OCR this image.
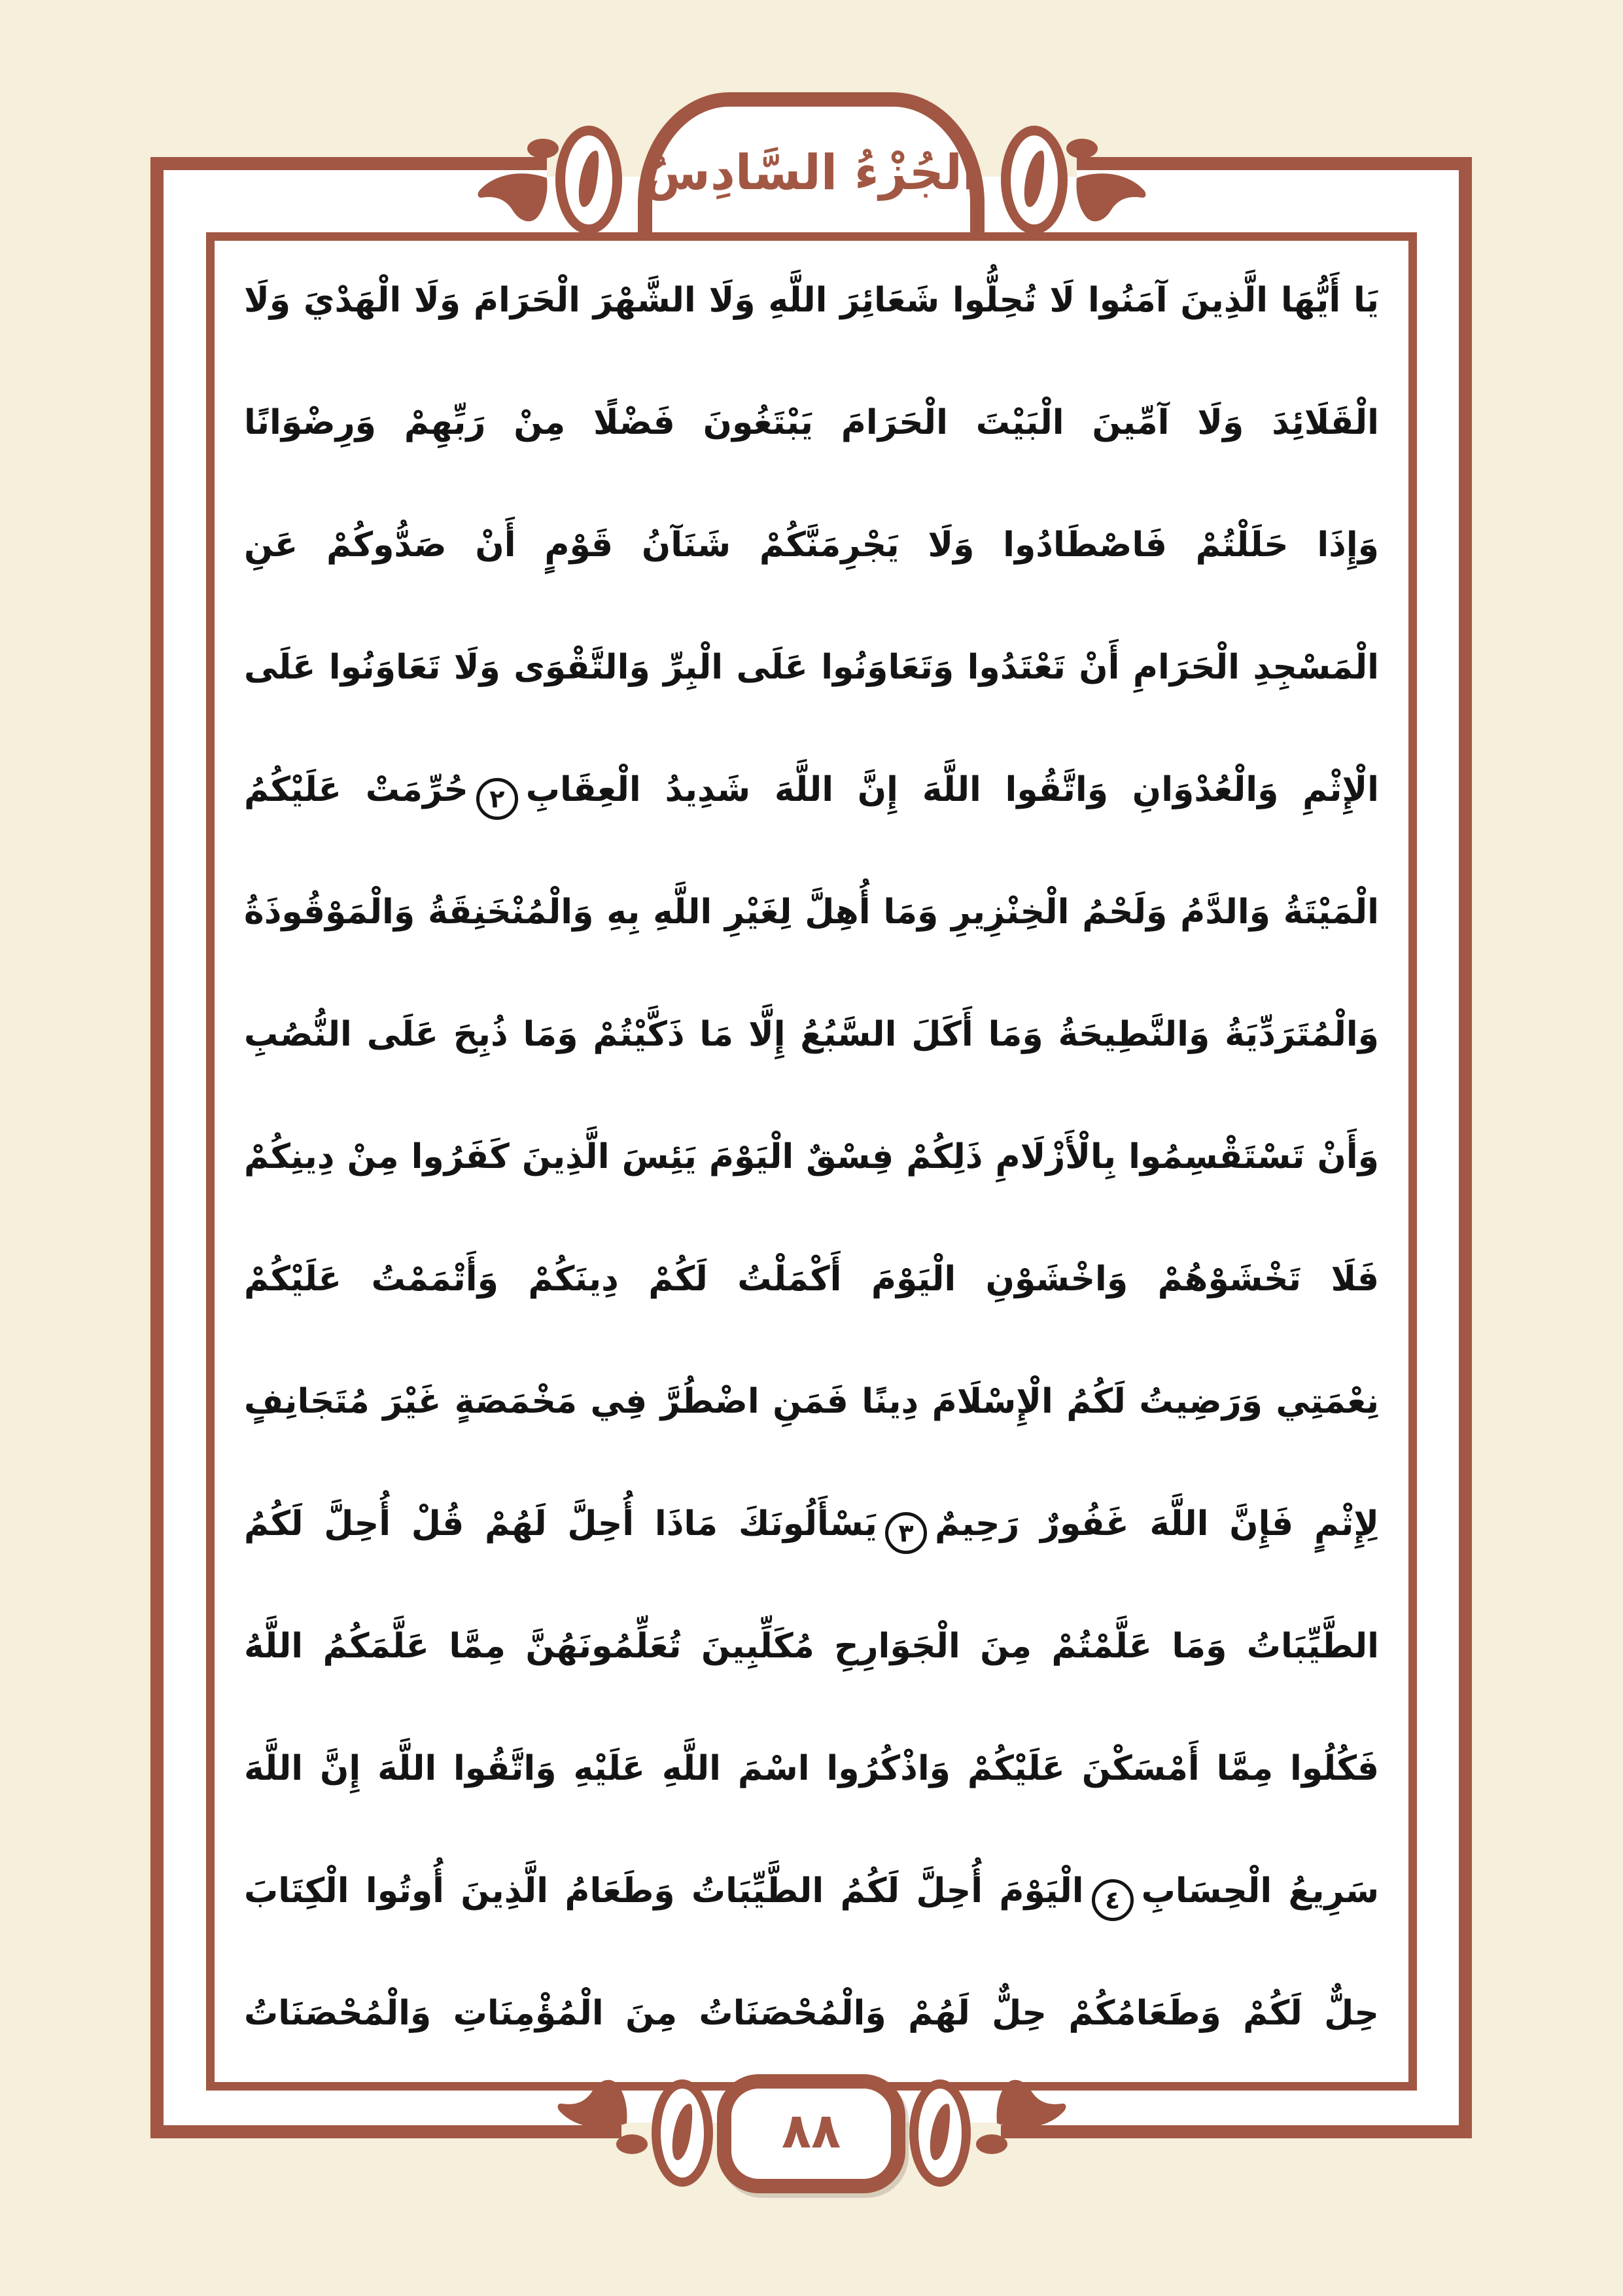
الجُزْءُ السَّادِسُ
يَا أَيُّهَا الَّذِينَ آمَنُوا لَا تُحِلُّوا شَعَائِرَ اللَّهِ وَلَا الشَّهْرَ الْحَرَامَ وَلَا الْهَدْيَ وَلَا
الْقَلَائِدَ وَلَا آمِّينَ الْبَيْتَ الْحَرَامَ يَبْتَغُونَ فَضْلًا مِنْ رَبِّهِمْ وَرِضْوَانًا
وَإِذَا حَلَلْتُمْ فَاصْطَادُوا وَلَا يَجْرِمَنَّكُمْ شَنَآنُ قَوْمٍ أَنْ صَدُّوكُمْ عَنِ
الْمَسْجِدِ الْحَرَامِ أَنْ تَعْتَدُوا وَتَعَاوَنُوا عَلَى الْبِرِّ وَالتَّقْوَى وَلَا تَعَاوَنُوا عَلَى
الْإِثْمِ وَالْعُدْوَانِ وَاتَّقُوا اللَّهَ إِنَّ اللَّهَ شَدِيدُ الْعِقَابِ٢حُرِّمَتْ عَلَيْكُمُ
الْمَيْتَةُ وَالدَّمُ وَلَحْمُ الْخِنْزِيرِ وَمَا أُهِلَّ لِغَيْرِ اللَّهِ بِهِ وَالْمُنْخَنِقَةُ وَالْمَوْقُوذَةُ
وَالْمُتَرَدِّيَةُ وَالنَّطِيحَةُ وَمَا أَكَلَ السَّبُعُ إِلَّا مَا ذَكَّيْتُمْ وَمَا ذُبِحَ عَلَى النُّصُبِ
وَأَنْ تَسْتَقْسِمُوا بِالْأَزْلَامِ ذَلِكُمْ فِسْقٌ الْيَوْمَ يَئِسَ الَّذِينَ كَفَرُوا مِنْ دِينِكُمْ
فَلَا تَخْشَوْهُمْ وَاخْشَوْنِ الْيَوْمَ أَكْمَلْتُ لَكُمْ دِينَكُمْ وَأَتْمَمْتُ عَلَيْكُمْ
نِعْمَتِي وَرَضِيتُ لَكُمُ الْإِسْلَامَ دِينًا فَمَنِ اضْطُرَّ فِي مَخْمَصَةٍ غَيْرَ مُتَجَانِفٍ
لِإِثْمٍ فَإِنَّ اللَّهَ غَفُورٌ رَحِيمٌ٣يَسْأَلُونَكَ مَاذَا أُحِلَّ لَهُمْ قُلْ أُحِلَّ لَكُمُ
الطَّيِّبَاتُ وَمَا عَلَّمْتُمْ مِنَ الْجَوَارِحِ مُكَلِّبِينَ تُعَلِّمُونَهُنَّ مِمَّا عَلَّمَكُمُ اللَّهُ
فَكُلُوا مِمَّا أَمْسَكْنَ عَلَيْكُمْ وَاذْكُرُوا اسْمَ اللَّهِ عَلَيْهِ وَاتَّقُوا اللَّهَ إِنَّ اللَّهَ
سَرِيعُ الْحِسَابِ٤الْيَوْمَ أُحِلَّ لَكُمُ الطَّيِّبَاتُ وَطَعَامُ الَّذِينَ أُوتُوا الْكِتَابَ
حِلٌّ لَكُمْ وَطَعَامُكُمْ حِلٌّ لَهُمْ وَالْمُحْصَنَاتُ مِنَ الْمُؤْمِنَاتِ وَالْمُحْصَنَاتُ
٨٨
